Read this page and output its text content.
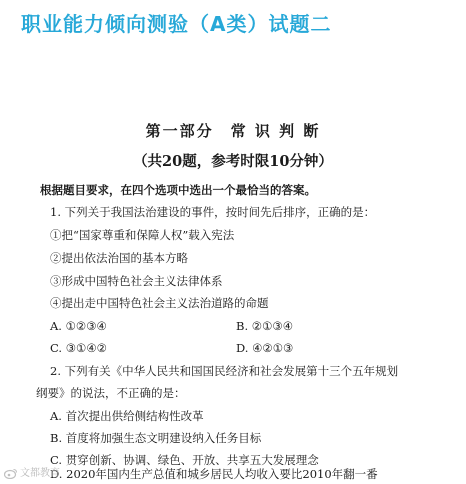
职业能力倾向测验（A类）试题二
第一部分　常 识 判 断
（共20题，参考时限10分钟）
根据题目要求，在四个选项中选出一个最恰当的答案。
1. 下列关于我国法治建设的事件，按时间先后排序，正确的是：
①把“国家尊重和保障人权”载入宪法
②提出依法治国的基本方略
③形成中国特色社会主义法律体系
④提出走中国特色社会主义法治道路的命题
A. ①②③④	B. ②①③④
C. ③①④②	D. ④②①③
2. 下列有关《中华人民共和国国民经济和社会发展第十三个五年规划
纲要》的说法，不正确的是：
A. 首次提出供给侧结构性改革
B. 首度将加强生态文明建设纳入任务目标
C. 贯穿创新、协调、绿色、开放、共享五大发展理念
D. 2020年国内生产总值和城乡居民人均收入要比2010年翻一番
文都教育
